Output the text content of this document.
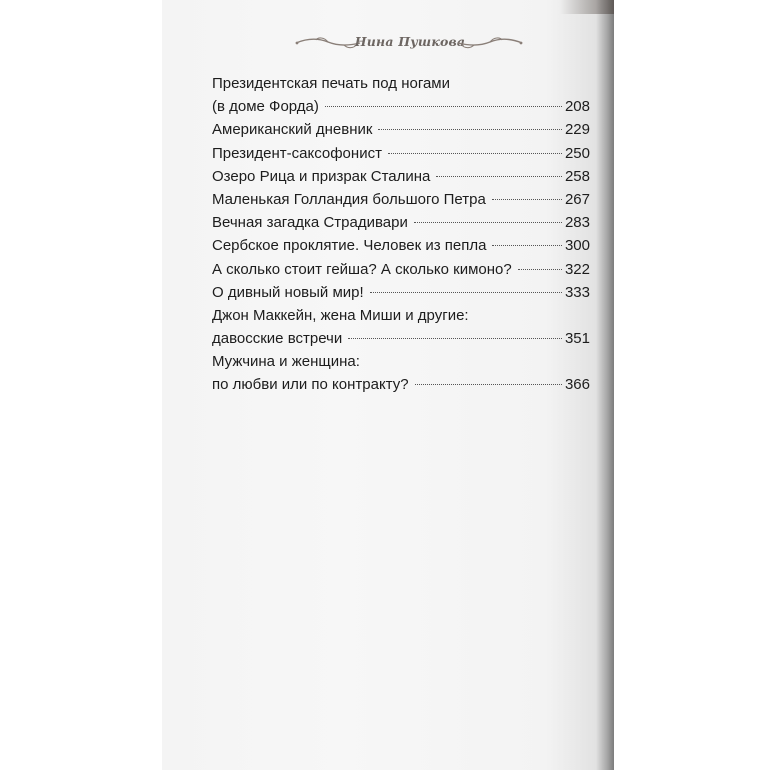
Нина Пушкова
Президентская печать под ногами
(в доме Форда)	208
Американский дневник	229
Президент-саксофонист	250
Озеро Рица и призрак Сталина	258
Маленькая Голландия большого Петра	267
Вечная загадка Страдивари	283
Сербское проклятие. Человек из пепла	300
А сколько стоит гейша? А сколько кимоно?	322
О дивный новый мир!	333
Джон Маккейн, жена Миши и другие:
давосские встречи	351
Мужчина и женщина:
по любви или по контракту?	366
